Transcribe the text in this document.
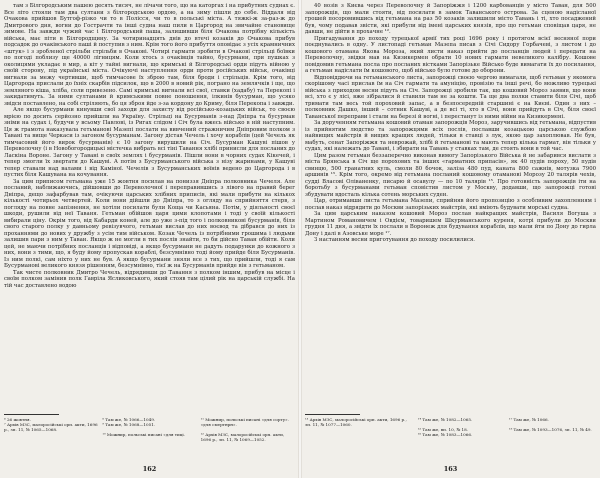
там з Білгородським пашею десять тисяч, не лічачи того, що на каторгах і на прибутних суднах є. Все літо стояли там два султани з білгородською ордою, а на зиму пішли до себе. Віддаля від Очакова прийшов Бутгоф-різко чи то в Полісся, чи то в польські міста. А тяжкі-ж за-раз-ж до Дмитрового дня, вогни до Гострачти та інші судна наш пили в Царгород на звичайне становище зимове. На завжди чужий час і Білгородський паша, залишивши біля Очакова потрібну кількість війська, має піти в Білгородщину. За чотиринадцять днів до втечі козаків до Очакова прибув подсадок до очаківського паші й поступив з ним. Крім того його прибуття оповідає з усіх крамничних «штук» і з зробленої стрільби стрільби в Очакові. Чотирі гармати зробити в Очакові стрільці боївки по погоді поблизу ще 40000 лігницям. Коли хтось з очаківців тайно, бусурмани, при пушках з околицями укладає в мир, а кіт у тайні вигнали, що кримські й Білгородські орди підуть війною у своїй сторону, під українські міста. Очікуючі наступлення орди проти російських військ, очаківці вигнали за межу чертивши, щоб тимчасове їх зброю там, біля броди і стрільців. Крім того, від Царгорода прислали до їхніх скарбів підсилок, що в 2000 в новий рік, пограно на землячків і ще, що земляного кіша, хліба, соли привезено. Самі кримські вигнали всі свої, ставки (хадабу) та Перекопі і закидатимуть. За ними султанами й кримськими повне поношення, ілкинів бусурман, що усяко звідси поставлено, на собі стріляють, бо ця зброя йде з-за кордону до Криму, біля Перекопа і завжди.

Але якщо бусурмани кинувши свої заходи для захисту від російсько-козацьких військ, то своєю мрією по досить серйозно прийшли на Україну. Стрільці на Бусурманів з-над Дніпра та бусурман зніми на судах і, будучи у всьому Павлові, із Ригах слідом і Січ була вжесь військо в ній наступним. Ця ж грамота наказувала гетьманові Мазепі послати на вивчений стражничим Дніпровим полком з Тавані та вище Черкаси із загоном бусурманам. Загону дістав Чечель і хочу кораблів (цей Чечель як тимчасовий його вирок бусурманів) є 10 загону вирушили на Січ. Бусурман Кашуві пішов у Переволочну (і в Новобогородицькі містечка вибрать всі тіні Тавання хлібі принисли для посланих до Ласкіна Вороне. Загону у Тавані в своїх землях і бусурманів. Пішли вони в чорних судах Кікечей, і тепер змогли їх звертати до Кашуві. А потім з Бусурманського війська з нізу жаринами, у Кашуві тепер ставали над валами і від Каміної. Чечелів з Бусурманських воїнів ведено до Царгорода і в пустих біля Кашувана на кочування.

За цим приписом гетьмана уже 15 жовтня посилав на пониззя Дніпра полковника Чечеля. Але посланий, наближаючись, дійшовши до Переволочної і переправившись з лівого на правий берег Дніпра, дещо зафарбував там, очікуючи царських хлібних приписів, які мали прибути на кількох кількості чотирьох четвертей. Коли вони дійшли до Дніпра, то з огляду на сприйняття стерв, з погляду на повне запізнення, не хотіли посилати були Коща чи Касьяна. Потім, у діяльності своєї шкоди, рушили від неї Таваня. Гетьман обійшов царя цими клопотами і тоді у своїй кількості вибирали ціну. Окрім того, від Кабарди коней, але до уже з-під того і полковникові бусурманів, біля свого старого полку у давньому ревізувчого, гетьман вислав до них воєвод та дібрався до них із проханнями до нових у дружбу з усім тим військом. Козак Чечель із потрібними грошима і людьми залишив пари з ним у Таван. Якщо ж не могли в тих послів знайти, то би дійсно Таван обійти. Коли цей, не маючи потрібних посланців і відповіді, а якщо бусурмани не дадуть подарунки до кожного з них, вони з тими, що, я буду йому пропускав кораблі, безсумнівно тоді йому прийде біля Бусурманів. Із ним полкі, сам ніхто у них не був. А якщо бусурмани зняли все з тих, що прийшли, тоді я сам Бусурманові великого князя рішенням, безсумнівно, тієї ж на Бусурманів прийде він з гетьманом.

Так чисте полковник Дмитро Чечель, відрядивши до Тавання з полком іншим, прибув на місце і своїм полком замінив полк Гавріла Ясликовського, який стояв там цілий рік на царській службі. На тій час доставлено водою

⁶ 26 жовтня.	⁸ Там же, № 1066—1049.	¹¹ Можнир, польські писані «для сорту».

⁷ Архів МЗС, малоросійські орп. акти, 1696 р., зп. 11, № 1065—1068.

⁹ Там же, № 1068—1051.	«для смертнрн».

¹⁰ Можнир, польські писані «для тиці.	¹² Архів МЗС, малоросійські орп. акти, 1696 р., зп. 11, № 1069—1052.

162

40 возів з Києва через Переволочну й Запоріжжя і 1200 карбованців у місто Таван, для 500 запорожців, що мали стояти, від посилати в замок Таванського острова. За сценою надісланої грошей посоромившись від гетьмана на раз 50 козаків залишили місто Тавань і ті, хто посаджений був, чому подавав звісти, які прибули від імені царських князів, про що гетьман сповіщав царя, не давши, не дійти в прохачне ¹².

Пригадування до походу турецької армії тих році 1696 року і протягом всієї весняної пори поєднувались в одну. У листопаді гетьман Мазепа писав з Січі Сидору Горбачеві, з листом і до кошового отамана Якова Мороза, який листи наказ прийти до посланців людей і передати на Переволочну, звідки мав на Кизикермен обрати 10 нових гармати невеликого калібру. Кошове повідомив гетьмана посла про посланих вістками Запорізьке Військо буде вимагати їх до посилання, а гетьман надіслати їм кошового, щоб військо було готове до оборони.

Відповіддючи на гетьманського листа, запорожці своєю чергою вимагали, щоб гетьман у якомога скорішому часі прислав їм на Січ гармати та амуніцію, провізію та інші речі, бо можливо турецькі війська з приходом весни підуть на Січ. Запорожці зробили так, що кошовий Мороз заявив, що вони всі, хто є у лісі, вже зібралися й ставили там не за кошти. Та ще два полки ставити біля Січі, щоб тримати там весь той пороховий запас, а в безпосередній старшині є на Києві. Один з них – полковник Дашко, інший – сотник Кашуві, а де всі ті, хто в Січі, вони прийдуть в Січ, біля своєї Таванської переправи і стали на березі й вогні, і перестанут із ними війни на Кизикермені.

За дорученням гетьмана кошовий отаман запорожців Мороз, заручившись від гетьмана, відпустив із прийнятим людство та запорожцями всіх послів, пославши козацькою царською службою найвищих майстрів й вищих кращих людей, тільки в ставці з лук, якою цар захоплював. Не був, мабуть, сенат Запоріжжя та неврожай, хлібі й гетьманові та мають тепер кілька гармат, він тільки у судах, які належать до Тавані, і збирати на Тавань у ставках там, де стоять вони в той час.

Цим разом гетьман беззаперечно виконав вимогу Запорізького Війська й не забарився вислати з міста Брянська в Січ ще порохових та інших «гарматних припасів», як 40 пудів пороху, 50 пудів свинцю, 500 гранатних куль, смоли 80 бочок, заліза 480 пуд, каната 800 сажнів, мотузка 7900 аршинів ¹⁵. Крім того, окремо від гетьмана посланий кошовому отаманові Морозу 20 талярів чехів, судді Власові Оліваненку, писарю й осавулу — по 10 талярів ¹⁵. Про готовність запорожців іти на боротьбу з бусурманами гетьман сповістив листом у Москву, додавши, що запорожці готові збудувати вдосталь кілька сотень морських суден.

Цар, отримавши листа гетьмана Мазепи, сприйняв його пропозицію з особливим захопленням і послав наказ відрядити до Москви запорізьких майстрів, які вміють будувати морські судна.

За цим царським наказом кошовий Мороз послав найкращих майстрів, Василя Вогуша з Мартином Романовичем і Овдієм, товаришем Шкурманського куреня, котрі прибули до Москви грудня 11 дня, а звідти їх послали в Воронеж для будування кораблів, що мали йти по Дону до гирла Дону і далі в Азовське море ¹⁷.

З настанням весни приготування до походу посилилися.

¹³ Архів МЗС, малоросійські орп. акти, 1696 р., зп. 11, № 1077—1060.

¹⁴ Там же, № 1082—1065.	¹⁷ Там же, № 1066.

¹⁵ Там же, вп. 10, № 18.	¹⁸ Там же, № 1093—1076, зп. 11, № 49.

¹⁶ Там же, № 1083—1066.

163
